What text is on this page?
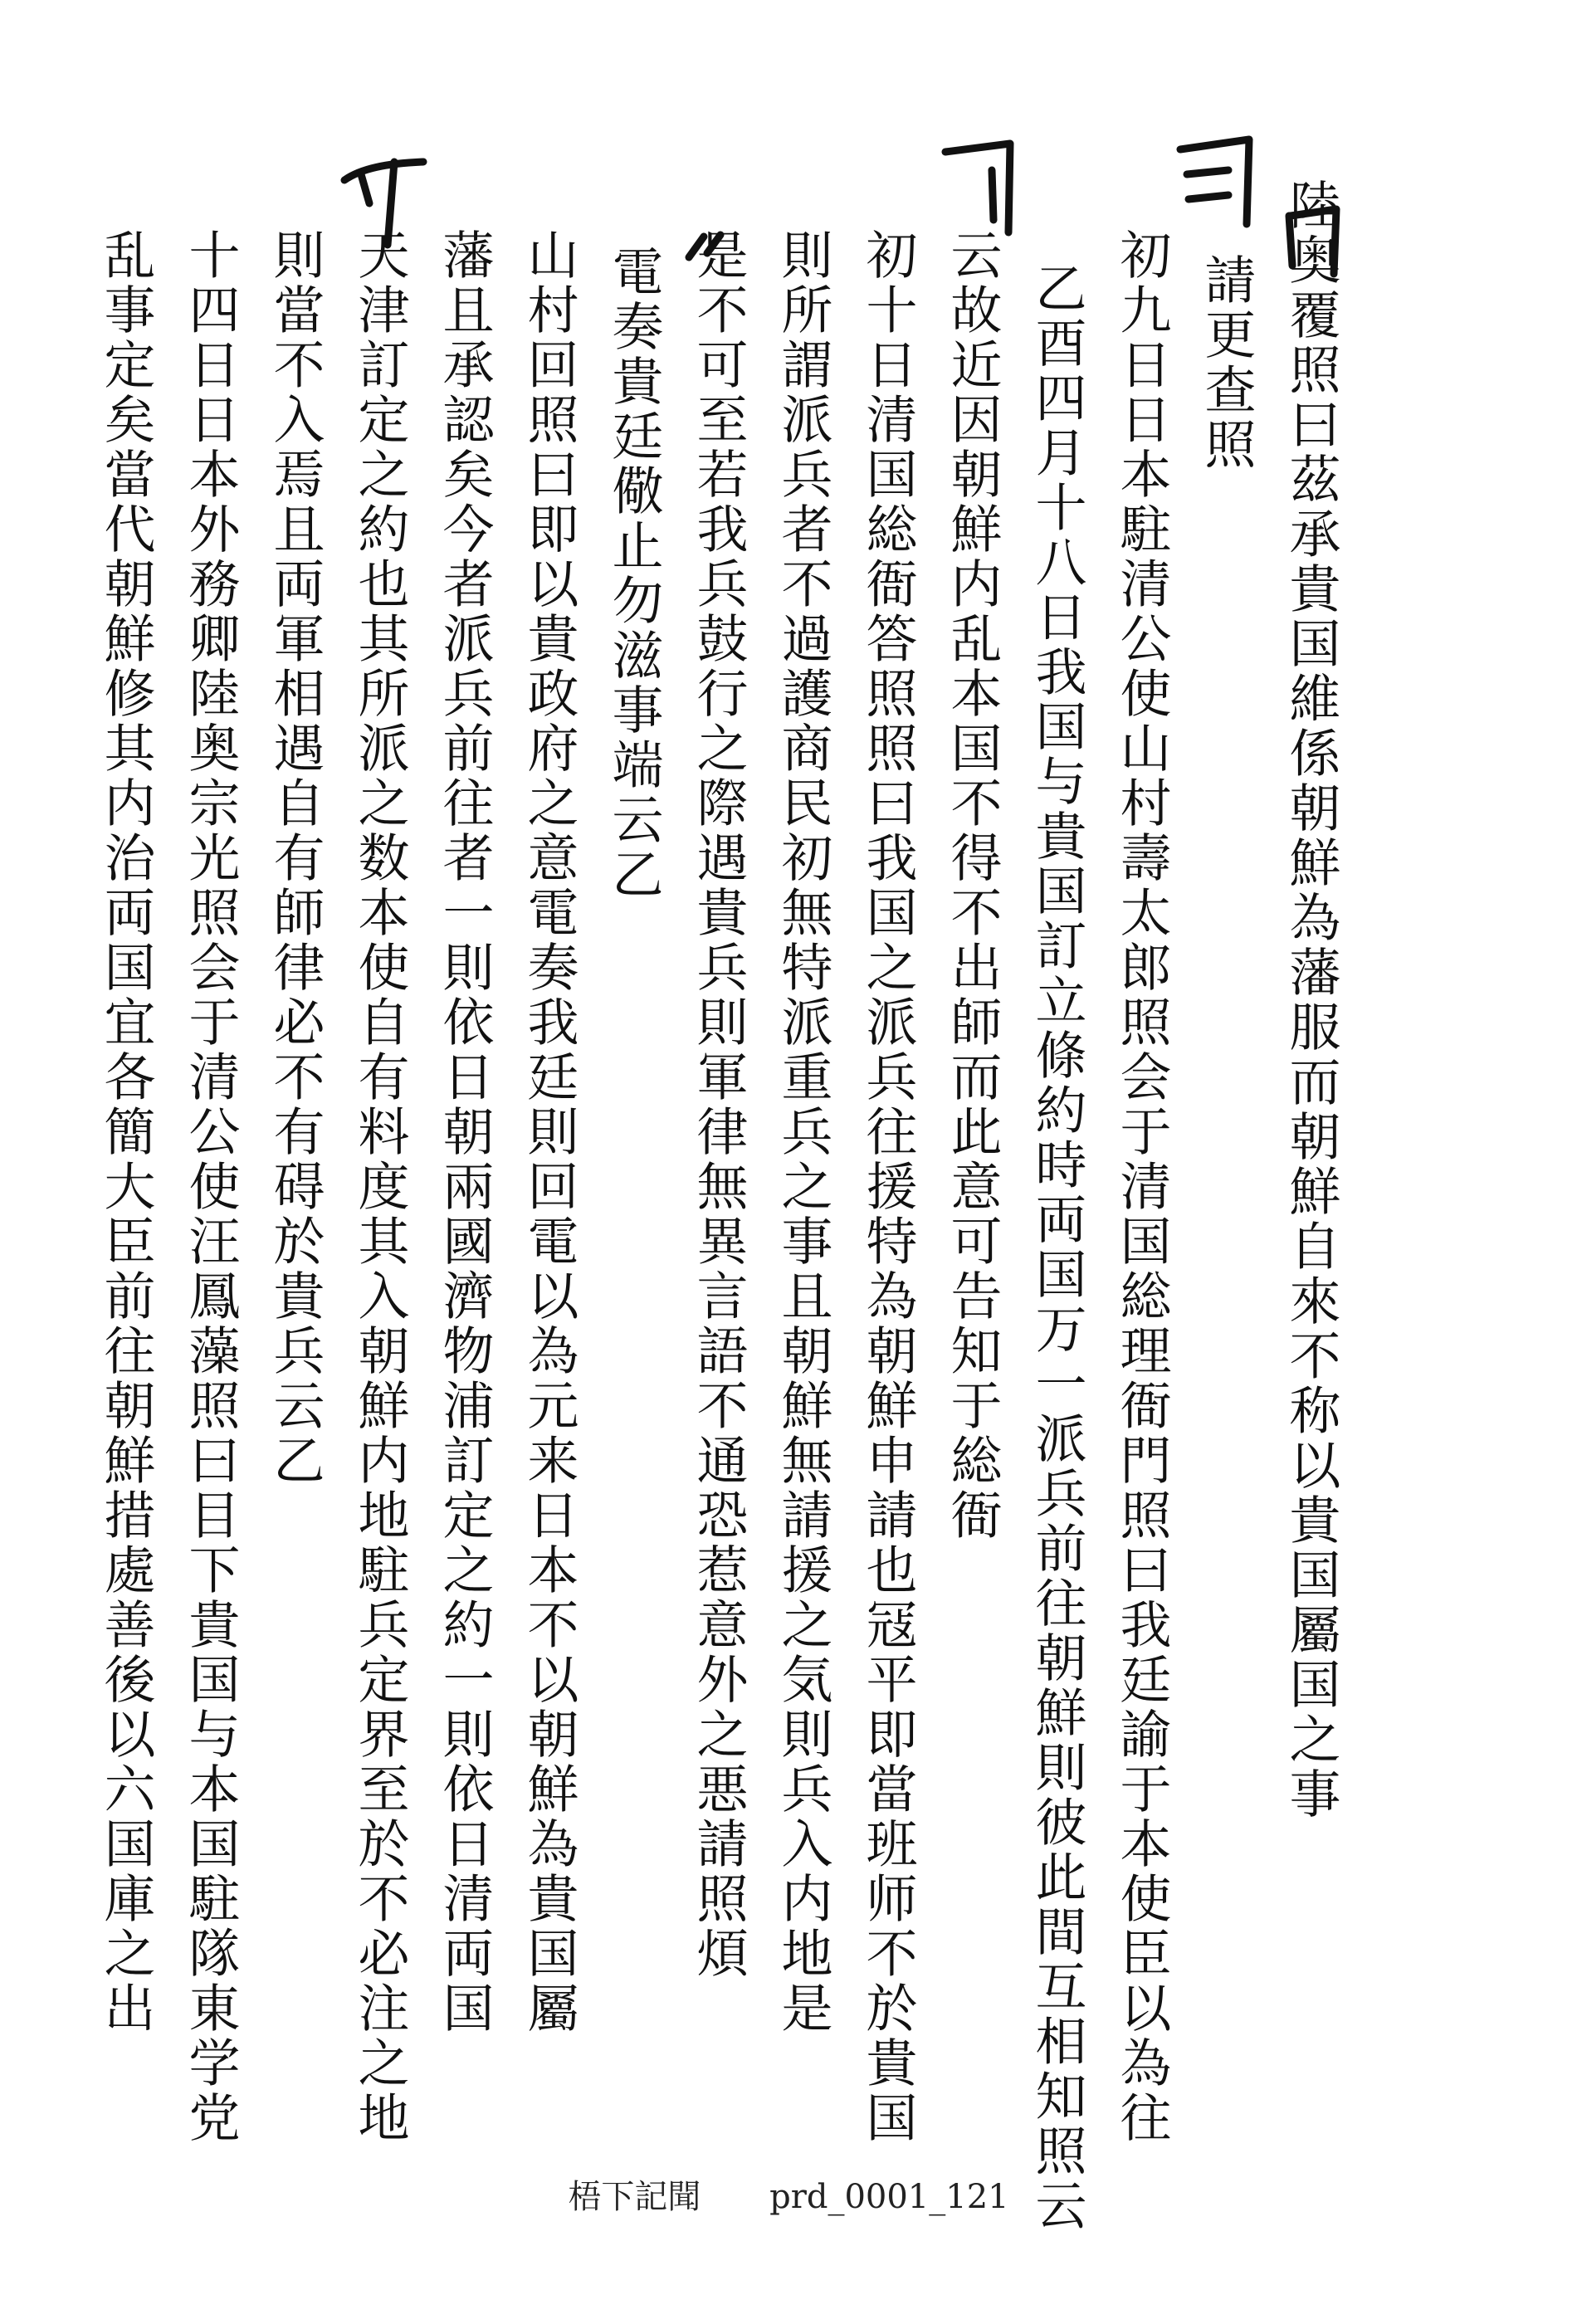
陸奥覆照曰茲承貴国維係朝鮮為藩服而朝鮮自來不称以貴国屬国之事
請更查照
初九日日本駐清公使山村壽太郎照会于清国総理衙門照曰我廷諭于本使臣以為往
乙酉四月十八日我国与貴国訂立條約時両国万一派兵前往朝鮮則彼此間互相知照云
云故近因朝鮮内乱本国不得不出師而此意可告知于総衙
初十日清国総衙答照照曰我国之派兵往援特為朝鮮申請也冦平即當班师不於貴国
則所謂派兵者不過護商民初無特派重兵之事且朝鮮無請援之気則兵入内地是
是不可至若我兵鼓行之際遇貴兵則軍律無異言語不通恐惹意外之悪請照煩
電奏貴廷儆止勿滋事端云乙
山村回照曰即以貴政府之意電奏我廷則回電以為元来日本不以朝鮮為貴国屬
藩且承認矣今者派兵前往者一則依日朝兩國濟物浦訂定之約一則依日清両国
天津訂定之約也其所派之数本使自有料度其入朝鮮内地駐兵定界至於不必注之地
則當不入焉且両軍相遇自有師律必不有碍於貴兵云乙
十四日日本外務卿陸奥宗光照会于清公使汪鳳藻照曰目下貴国与本国駐隊東学党
乱事定矣當代朝鮮修其内治両国宜各簡大臣前往朝鮮措處善後以六国庫之出
梧下記聞 prd_0001_121
